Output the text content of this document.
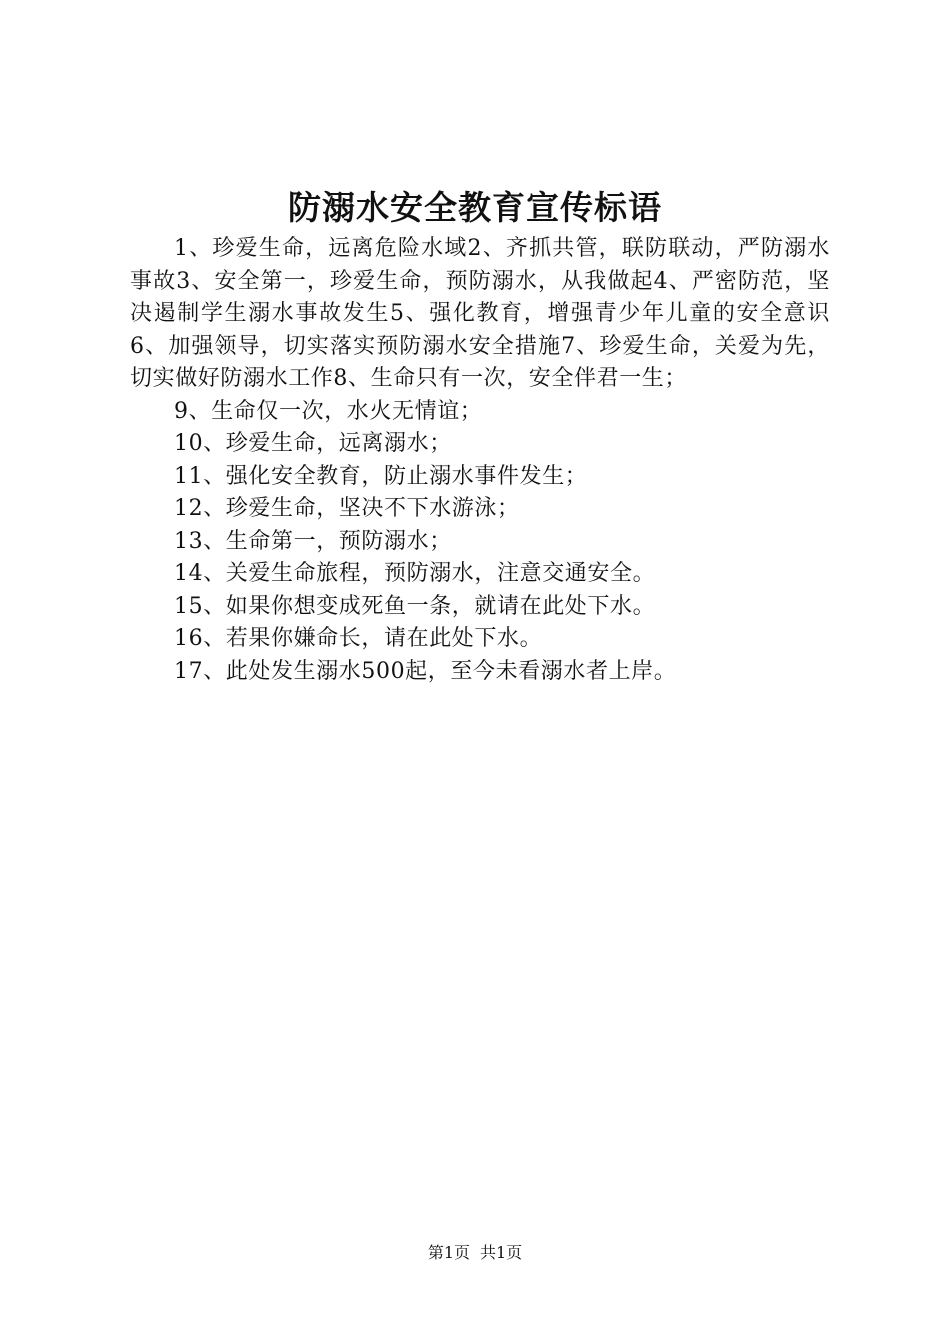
防溺水安全教育宣传标语

1、珍爱生命，远离危险水域2、齐抓共管，联防联动，严防溺水事故3、安全第一，珍爱生命，预防溺水，从我做起4、严密防范，坚决遏制学生溺水事故发生5、强化教育，增强青少年儿童的安全意识6、加强领导，切实落实预防溺水安全措施7、珍爱生命，关爱为先，切实做好防溺水工作8、生命只有一次，安全伴君一生；

9、生命仅一次，水火无情谊；

10、珍爱生命，远离溺水；

11、强化安全教育，防止溺水事件发生；

12、珍爱生命，坚决不下水游泳；

13、生命第一，预防溺水；

14、关爱生命旅程，预防溺水，注意交通安全。

15、如果你想变成死鱼一条，就请在此处下水。

16、若果你嫌命长，请在此处下水。

17、此处发生溺水500起，至今未看溺水者上岸。

第1页 共1页
